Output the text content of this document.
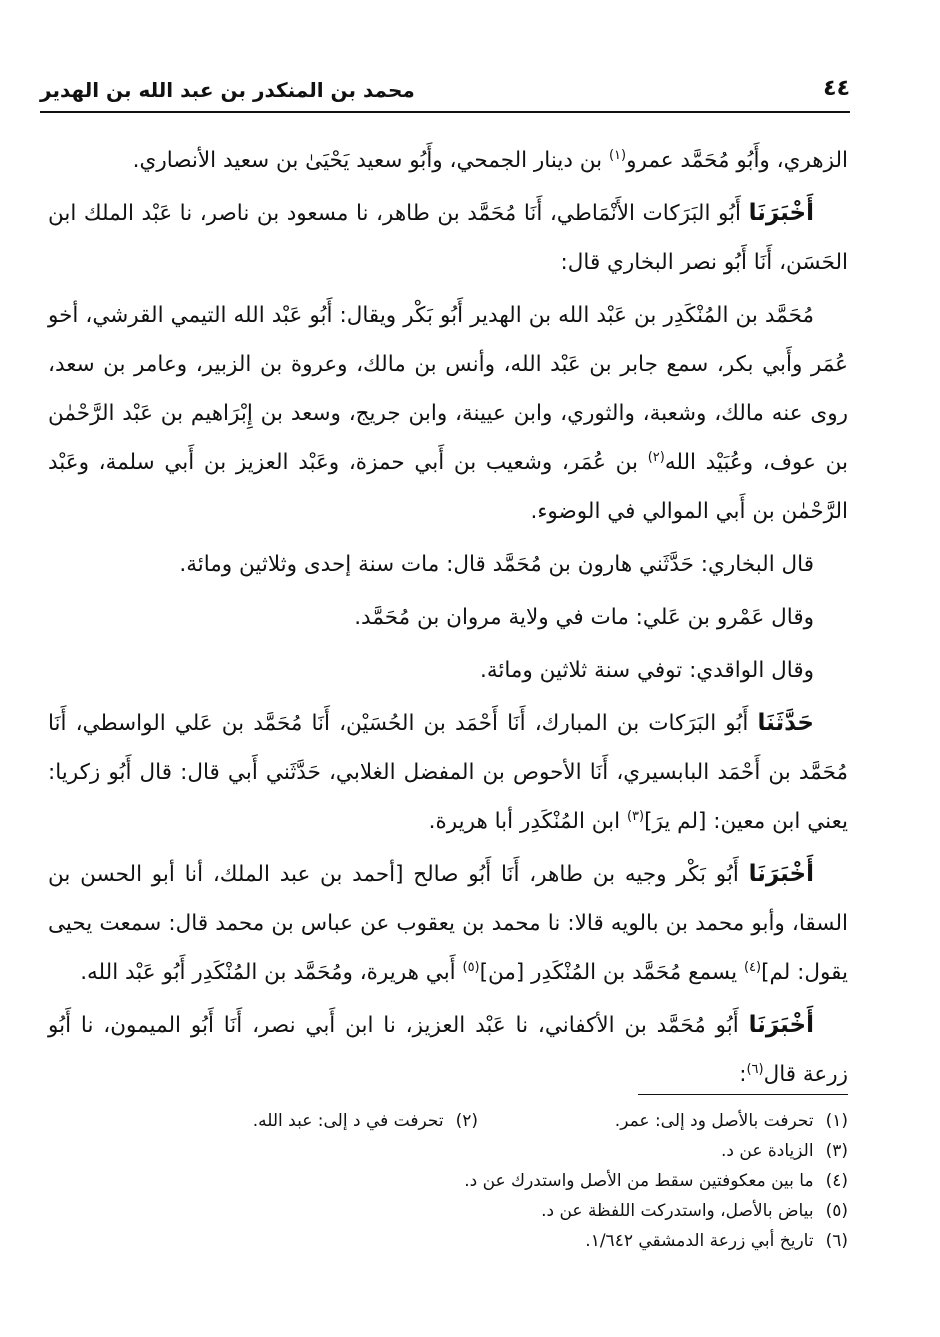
٤٤
محمد بن المنكدر بن عبد الله بن الهدير

الزهري، وأَبُو مُحَمَّد عمرو$^{(١)}$ بن دينار الجمحي، وأَبُو سعيد يَحْيَىٰ بن سعيد الأنصاري.

أَخْبَرَنَا أَبُو البَرَكات الأَنْمَاطي، أَنَا مُحَمَّد بن طاهر، نا مسعود بن ناصر، نا عَبْد الملك ابن الحَسَن، أَنَا أَبُو نصر البخاري قال:

مُحَمَّد بن المُنْكَدِر بن عَبْد الله بن الهدير أَبُو بَكْر ويقال: أَبُو عَبْد الله التيمي القرشي، أخو عُمَر وأَبي بكر، سمع جابر بن عَبْد الله، وأنس بن مالك، وعروة بن الزبير، وعامر بن سعد، روى عنه مالك، وشعبة، والثوري، وابن عيينة، وابن جريج، وسعد بن إِبْرَاهيم بن عَبْد الرَّحْمٰن بن عوف، وعُبَيْد الله$^{(٢)}$ بن عُمَر، وشعيب بن أَبي حمزة، وعَبْد العزيز بن أَبي سلمة، وعَبْد الرَّحْمٰن بن أَبي الموالي في الوضوء.

قال البخاري: حَدَّثَني هارون بن مُحَمَّد قال: مات سنة إحدى وثلاثين ومائة.

وقال عَمْرو بن عَلي: مات في ولاية مروان بن مُحَمَّد.

وقال الواقدي: توفي سنة ثلاثين ومائة.

حَدَّثَنَا أَبُو البَرَكات بن المبارك، أَنَا أَحْمَد بن الحُسَيْن، أَنَا مُحَمَّد بن عَلي الواسطي، أَنَا مُحَمَّد بن أَحْمَد البابسيري، أَنَا الأحوص بن المفضل الغلابي، حَدَّثَني أَبي قال: قال أَبُو زكريا: يعني ابن معين: [لم يرَ]$^{(٣)}$ ابن المُنْكَدِر أبا هريرة.

أَخْبَرَنَا أَبُو بَكْر وجيه بن طاهر، أَنَا أَبُو صالح [أحمد بن عبد الملك، أنا أبو الحسن بن السقا، وأبو محمد بن بالويه قالا: نا محمد بن يعقوب عن عباس بن محمد قال: سمعت يحيى يقول: لم]$^{(٤)}$ يسمع مُحَمَّد بن المُنْكَدِر [من]$^{(٥)}$ أَبي هريرة، ومُحَمَّد بن المُنْكَدِر أَبُو عَبْد الله.

أَخْبَرَنَا أَبُو مُحَمَّد بن الأكفاني، نا عَبْد العزيز، نا ابن أَبي نصر، أَنَا أَبُو الميمون، نا أَبُو زرعة قال$^{(٦)}$:

(١)تحرفت بالأصل ود إلى: عمر.
(٢)تحرفت في د إلى: عبد الله.
(٣)
الزيادة عن د.
(٤)
ما بين معكوفتين سقط من الأصل واستدرك عن د.
(٥)
بياض بالأصل، واستدركت اللفظة عن د.
(٦)
تاريخ أبي زرعة الدمشقي ١/٦٤٢.
